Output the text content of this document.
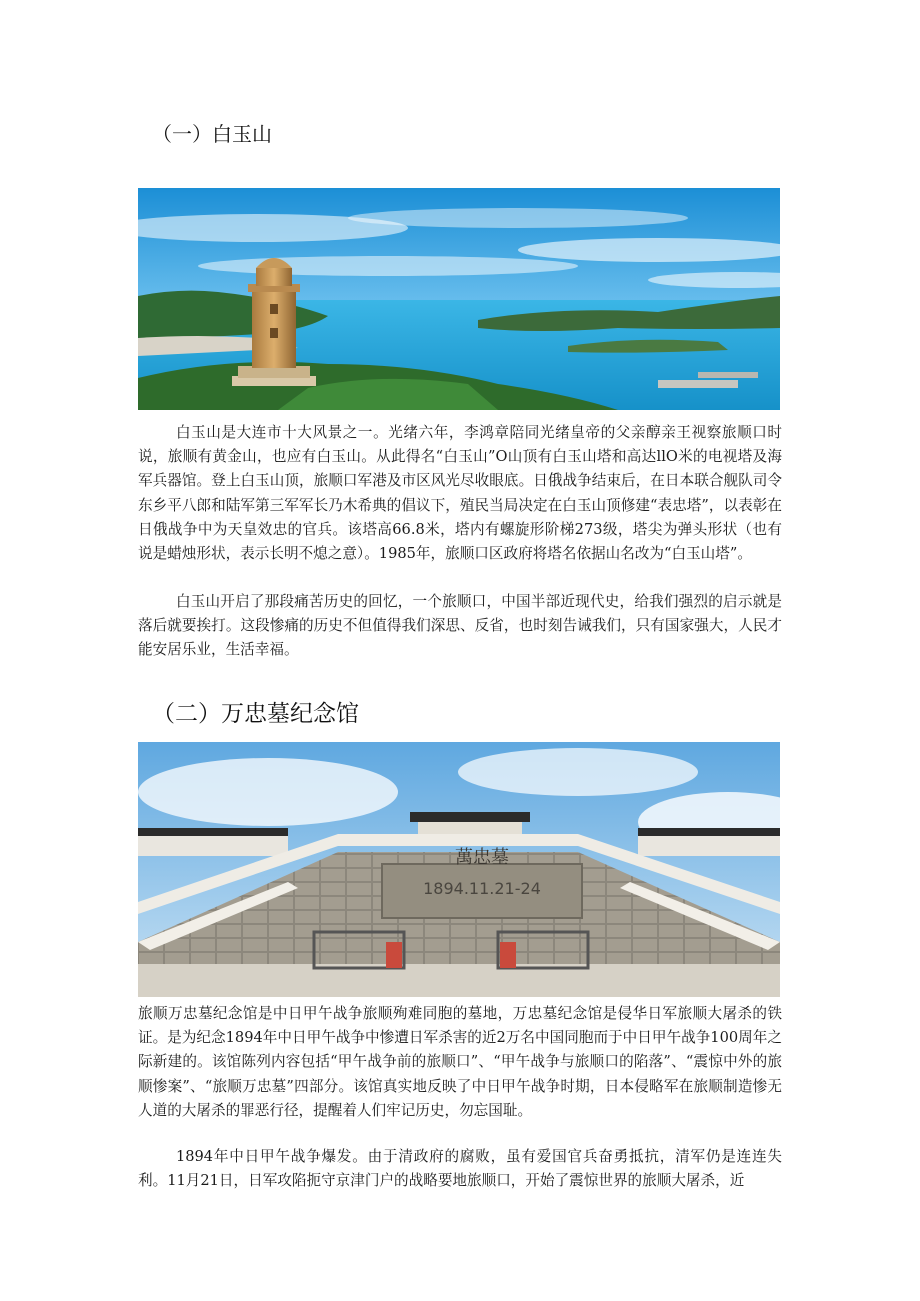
（一）白玉山

白玉山是大连市十大风景之一。光绪六年，李鸿章陪同光绪皇帝的父亲醇亲王视察旅顺口时说，旅顺有黄金山，也应有白玉山。从此得名“白玉山”O山顶有白玉山塔和高达llO米的电视塔及海军兵器馆。登上白玉山顶，旅顺口军港及市区风光尽收眼底。日俄战争结束后，在日本联合舰队司令东乡平八郎和陆军第三军军长乃木希典的倡议下，殖民当局决定在白玉山顶修建“表忠塔”，以表彰在日俄战争中为天皇效忠的官兵。该塔高66.8米，塔内有螺旋形阶梯273级，塔尖为弹头形状（也有说是蜡烛形状，表示长明不熄之意）。1985年，旅顺口区政府将塔名依据山名改为“白玉山塔”。

白玉山开启了那段痛苦历史的回忆，一个旅顺口，中国半部近现代史，给我们强烈的启示就是落后就要挨打。这段惨痛的历史不但值得我们深思、反省，也时刻告诫我们，只有国家强大，人民才能安居乐业，生活幸福。

（二）万忠墓纪念馆
萬忠墓
1894.11.21-24

旅顺万忠墓纪念馆是中日甲午战争旅顺殉难同胞的墓地，万忠墓纪念馆是侵华日军旅顺大屠杀的铁证。是为纪念1894年中日甲午战争中惨遭日军杀害的近2万名中国同胞而于中日甲午战争100周年之际新建的。该馆陈列内容包括“甲午战争前的旅顺口”、“甲午战争与旅顺口的陷落”、“震惊中外的旅顺惨案”、“旅顺万忠墓”四部分。该馆真实地反映了中日甲午战争时期，日本侵略军在旅顺制造惨无人道的大屠杀的罪恶行径，提醒着人们牢记历史，勿忘国耻。

1894年中日甲午战争爆发。由于清政府的腐败，虽有爱国官兵奋勇抵抗，清军仍是连连失利。11月21日，日军攻陷扼守京津门户的战略要地旅顺口，开始了震惊世界的旅顺大屠杀，近
